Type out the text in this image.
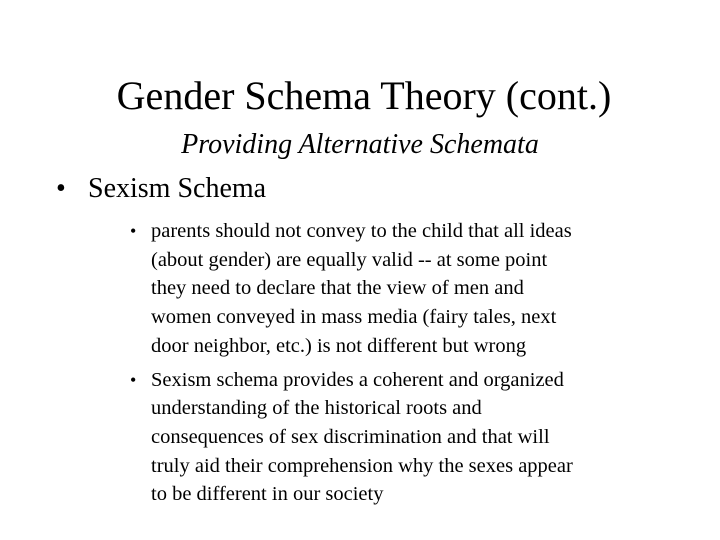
Gender Schema Theory (cont.)
Providing Alternative Schemata
• Sexism Schema
• parents should not convey to the child that all ideas
(about gender) are equally valid -- at some point
they need to declare that the view of men and
women conveyed in mass media (fairy tales, next
door neighbor, etc.) is not different but wrong
• Sexism schema provides a coherent and organized
understanding of the historical roots and
consequences of sex discrimination and that will
truly aid their comprehension why the sexes appear
to be different in our society
